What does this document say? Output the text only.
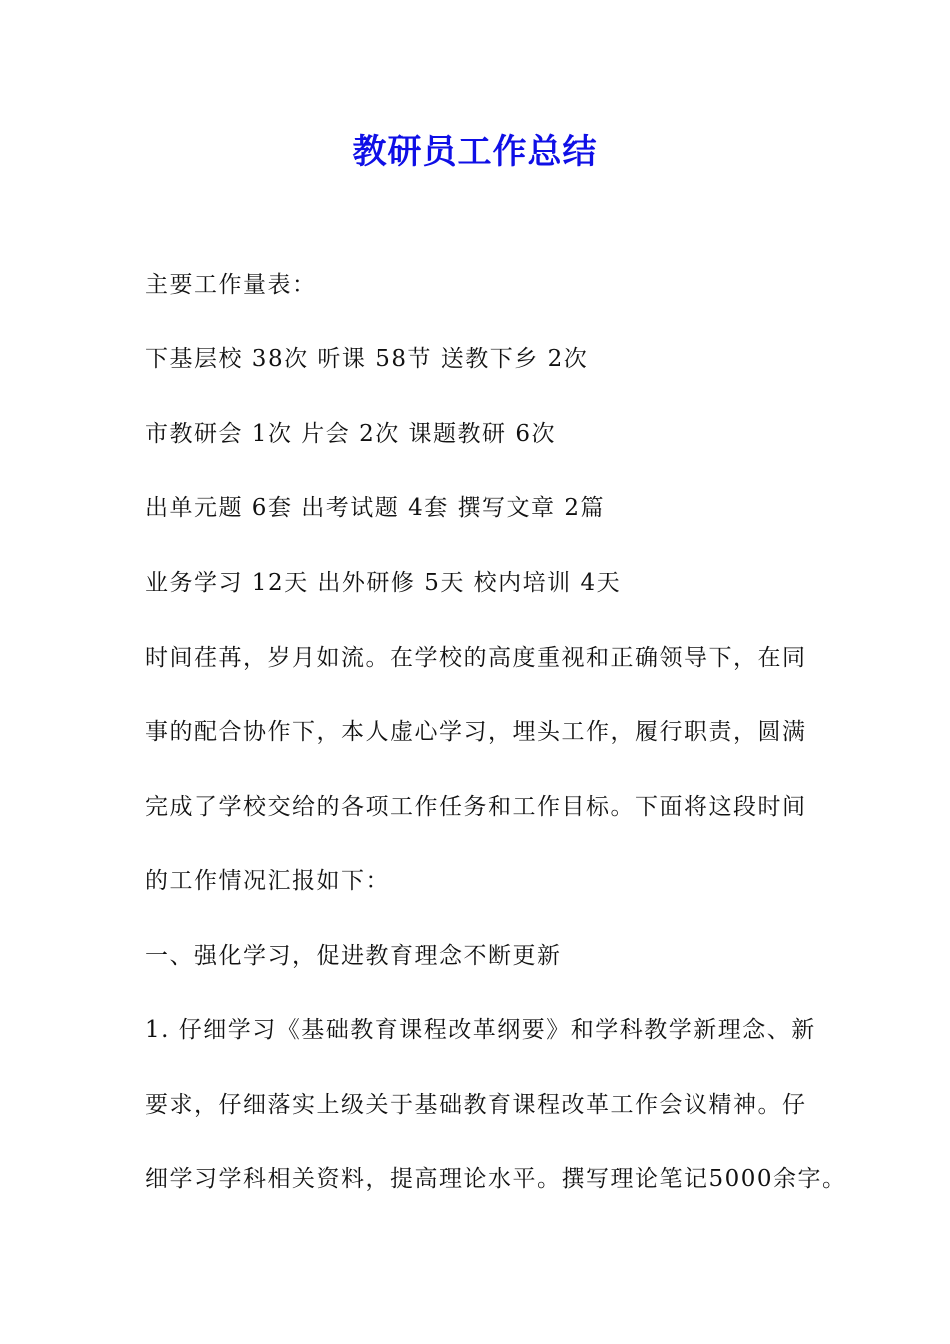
教研员工作总结

主要工作量表：

下基层校 38次 听课 58节 送教下乡 2次

市教研会 1次 片会 2次 课题教研 6次

出单元题 6套 出考试题 4套 撰写文章 2篇

业务学习 12天 出外研修 5天 校内培训 4天

时间荏苒，岁月如流。在学校的高度重视和正确领导下，在同

事的配合协作下，本人虚心学习，埋头工作，履行职责，圆满

完成了学校交给的各项工作任务和工作目标。下面将这段时间

的工作情况汇报如下：

一、强化学习，促进教育理念不断更新

1. 仔细学习《基础教育课程改革纲要》和学科教学新理念、新

要求，仔细落实上级关于基础教育课程改革工作会议精神。仔

细学习学科相关资料，提高理论水平。撰写理论笔记5000余字。
